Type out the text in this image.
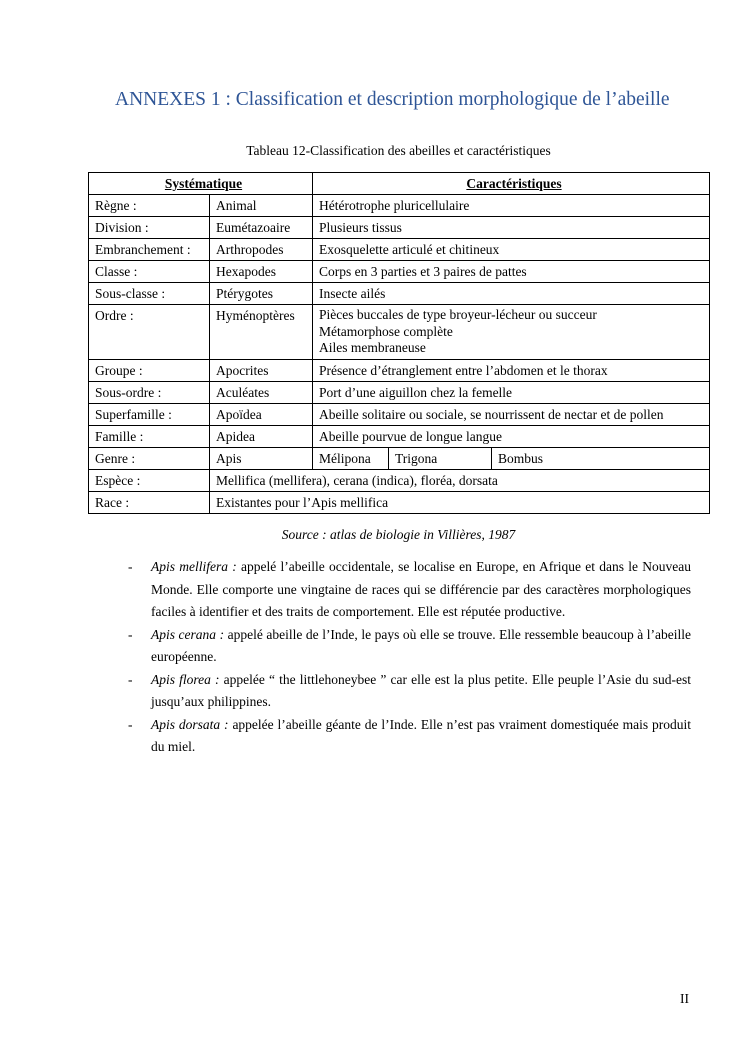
ANNEXES 1 : Classification et description morphologique de l’abeille
Tableau 12-Classification des abeilles et caractéristiques
Systématique		Caractéristiques		
Règne :	Animal	Hétérotrophe pluricellulaire		

Division :	Eumétazoaire	Plusieurs tissus		

Embranchement :	Arthropodes	Exosquelette articulé et chitineux		

Classe :	Hexapodes	Corps en 3 parties et 3 paires de pattes		

Sous-classe :	Ptérygotes	Insecte ailés		

Ordre :	Hyménoptères	Pièces buccales de type broyeur-lécheur ou succeur
Métamorphose complète
Ailes membraneuse		

Groupe :	Apocrites	Présence d’étranglement entre l’abdomen et le thorax		

Sous-ordre :	Aculéates	Port d’une aiguillon chez la femelle		

Superfamille :	Apoïdea	Abeille solitaire ou sociale, se nourrissent de nectar et de pollen		

Famille :	Apidea	Abeille pourvue de longue langue		

Genre :	Apis	Mélipona	Trigona	Bombus
Espèce :	Mellifica (mellifera), cerana (indica), floréa, dorsata			
Race :	Existantes pour l’Apis mellifica			
Source : atlas de biologie in Villières, 1987
- Apis mellifera : appelé l’abeille occidentale, se localise en Europe, en Afrique et dans le Nouveau Monde. Elle comporte une vingtaine de races qui se différencie par des caractères morphologiques faciles à identifier et des traits de comportement. Elle est réputée productive.
- Apis cerana : appelé abeille de l’Inde, le pays où elle se trouve. Elle ressemble beaucoup à l’abeille européenne.
- Apis florea : appelée “ the littlehoneybee ” car elle est la plus petite. Elle peuple l’Asie du sud-est jusqu’aux philippines.
- Apis dorsata : appelée l’abeille géante de l’Inde. Elle n’est pas vraiment domestiquée mais produit du miel.
II
